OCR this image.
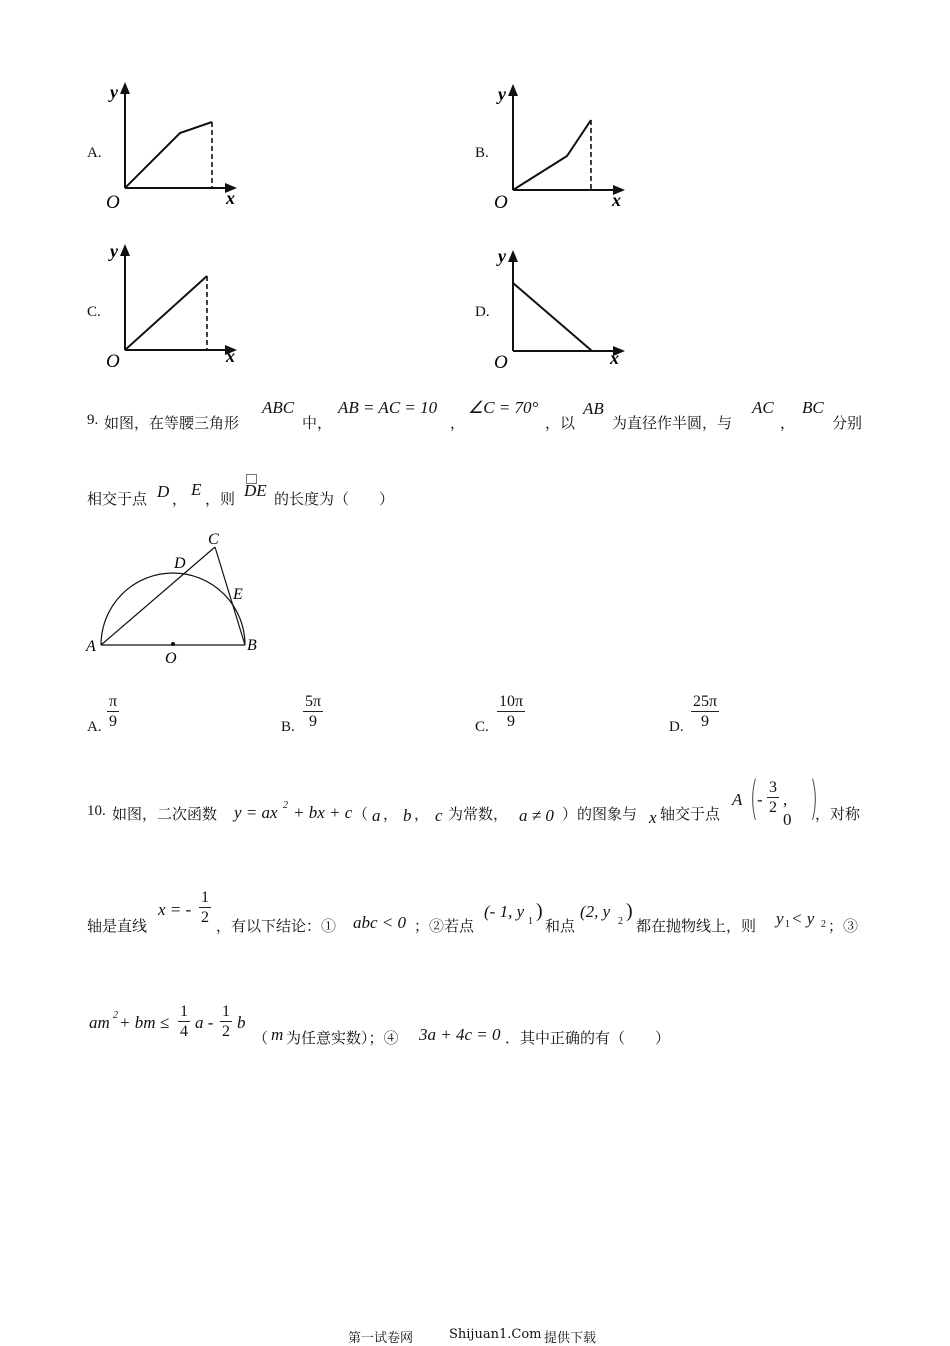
A.
y
x
O
B.
y
x
O
C.
y
x
O
D.
y
x
O
9. 如图，在等腰三角形
ABC
中，
AB = AC = 10
，
∠C = 70°
，以
AB
为直径作半圆，与
AC
，
BC
分别
相交于点 D ，
E
，则 DE 的长度为（　　）
A	B
C
D
E
O
A. $\frac{\pi}{9}$	B. $\frac{5\pi}{9}$	C. $\frac{10\pi}{9}$	D. $\frac{25\pi}{9}$
10. 如图，二次函数 y = ax 2 + bx + c （ a ， b ， c 为常数， a ≠ 0 ）的图象与 x 轴交于点
A (
- $\frac{3}{2}$ , 0 )
，对称
轴是直线
x = - $\frac{1}{2}$ ，有以下结论：① abc < 0 ；②若点
(- 1, y
1 )
和点
(2, y
2 )
都在抛物线上，则 y 1 < y 2 ；③
am 2 + bm ≤ $\frac{1}{4}$ a - $\frac{1}{2}$ b
（ m 为任意实数）；④ 3a + 4c = 0 ．其中正确的有（　　）
第一试卷网	Shijuan1.Com 提供下载
